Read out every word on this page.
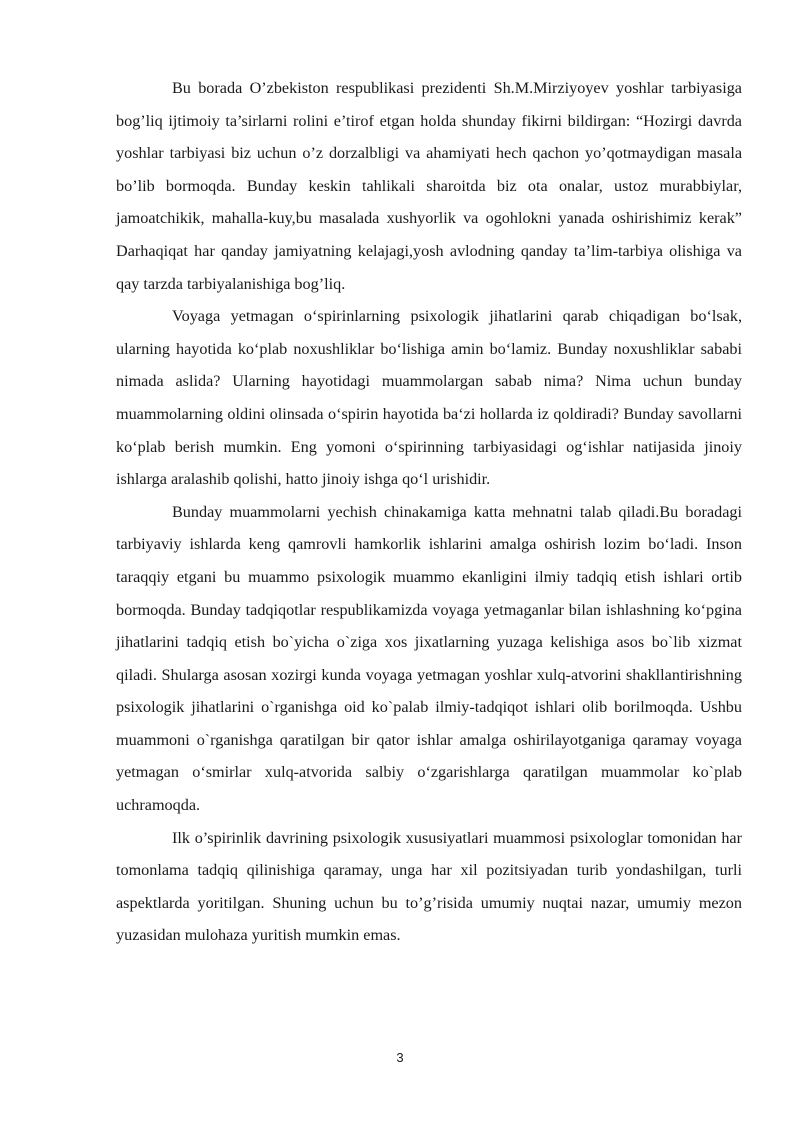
Bu borada O’zbekiston respublikasi prezidenti Sh.M.Mirziyoyev yoshlar tarbiyasiga bog’liq ijtimoiy ta’sirlarni rolini e’tirof etgan holda shunday fikirni bildirgan: “Hozirgi davrda yoshlar tarbiyasi biz uchun o’z dorzalbligi va ahamiyati hech qachon yo’qotmaydigan masala bo’lib bormoqda. Bunday keskin tahlikali sharoitda biz ota onalar, ustoz murabbiylar, jamoatchikik, mahalla-kuy,bu masalada xushyorlik va ogohlokni yanada oshirishimiz kerak” Darhaqiqat har qanday jamiyatning kelajagi,yosh avlodning qanday ta’lim-tarbiya olishiga va qay tarzda tarbiyalanishiga bog’liq.

Voyaga yetmagan oʻspirinlarning psixologik jihatlarini qarab chiqadigan boʻlsak, ularning hayotida koʻplab noxushliklar boʻlishiga amin boʻlamiz. Bunday noxushliklar sababi nimada aslida? Ularning hayotidagi muammolargan sabab nima? Nima uchun bunday muammolarning oldini olinsada oʻspirin hayotida baʻzi hollarda iz qoldiradi? Bunday savollarni koʻplab berish mumkin. Eng yomoni oʻspirinning tarbiyasidagi ogʻishlar natijasida jinoiy ishlarga aralashib qolishi, hatto jinoiy ishga qoʻl urishidir.

Bunday muammolarni yechish chinakamiga katta mehnatni talab qiladi.Bu boradagi tarbiyaviy ishlarda keng qamrovli hamkorlik ishlarini amalga oshirish lozim boʻladi. Inson taraqqiy etgani bu muammo psixologik muammo ekanligini ilmiy tadqiq etish ishlari ortib bormoqda. Bunday tadqiqotlar respublikamizda voyaga yetmaganlar bilan ishlashning koʻpgina jihatlarini tadqiq etish bo`yicha o`ziga xos jixatlarning yuzaga kelishiga asos bo`lib xizmat qiladi. Shularga asosan xozirgi kunda voyaga yetmagan yoshlar xulq-atvorini shakllantirishning psixologik jihatlarini o`rganishga oid ko`palab ilmiy-tadqiqot ishlari olib borilmoqda. Ushbu muammoni o`rganishga qaratilgan bir qator ishlar amalga oshirilayotganiga qaramay voyaga yetmagan oʻsmirlar xulq-atvorida salbiy oʻzgarishlarga qaratilgan muammolar ko`plab uchramoqda.

Ilk o’spirinlik davrining psixologik xususiyatlari muammosi psixologlar tomonidan har tomonlama tadqiq qilinishiga qaramay, unga har xil pozitsiyadan turib yondashilgan, turli aspektlarda yoritilgan. Shuning uchun bu to’g’risida umumiy nuqtai nazar, umumiy mezon yuzasidan mulohaza yuritish mumkin emas.

3
